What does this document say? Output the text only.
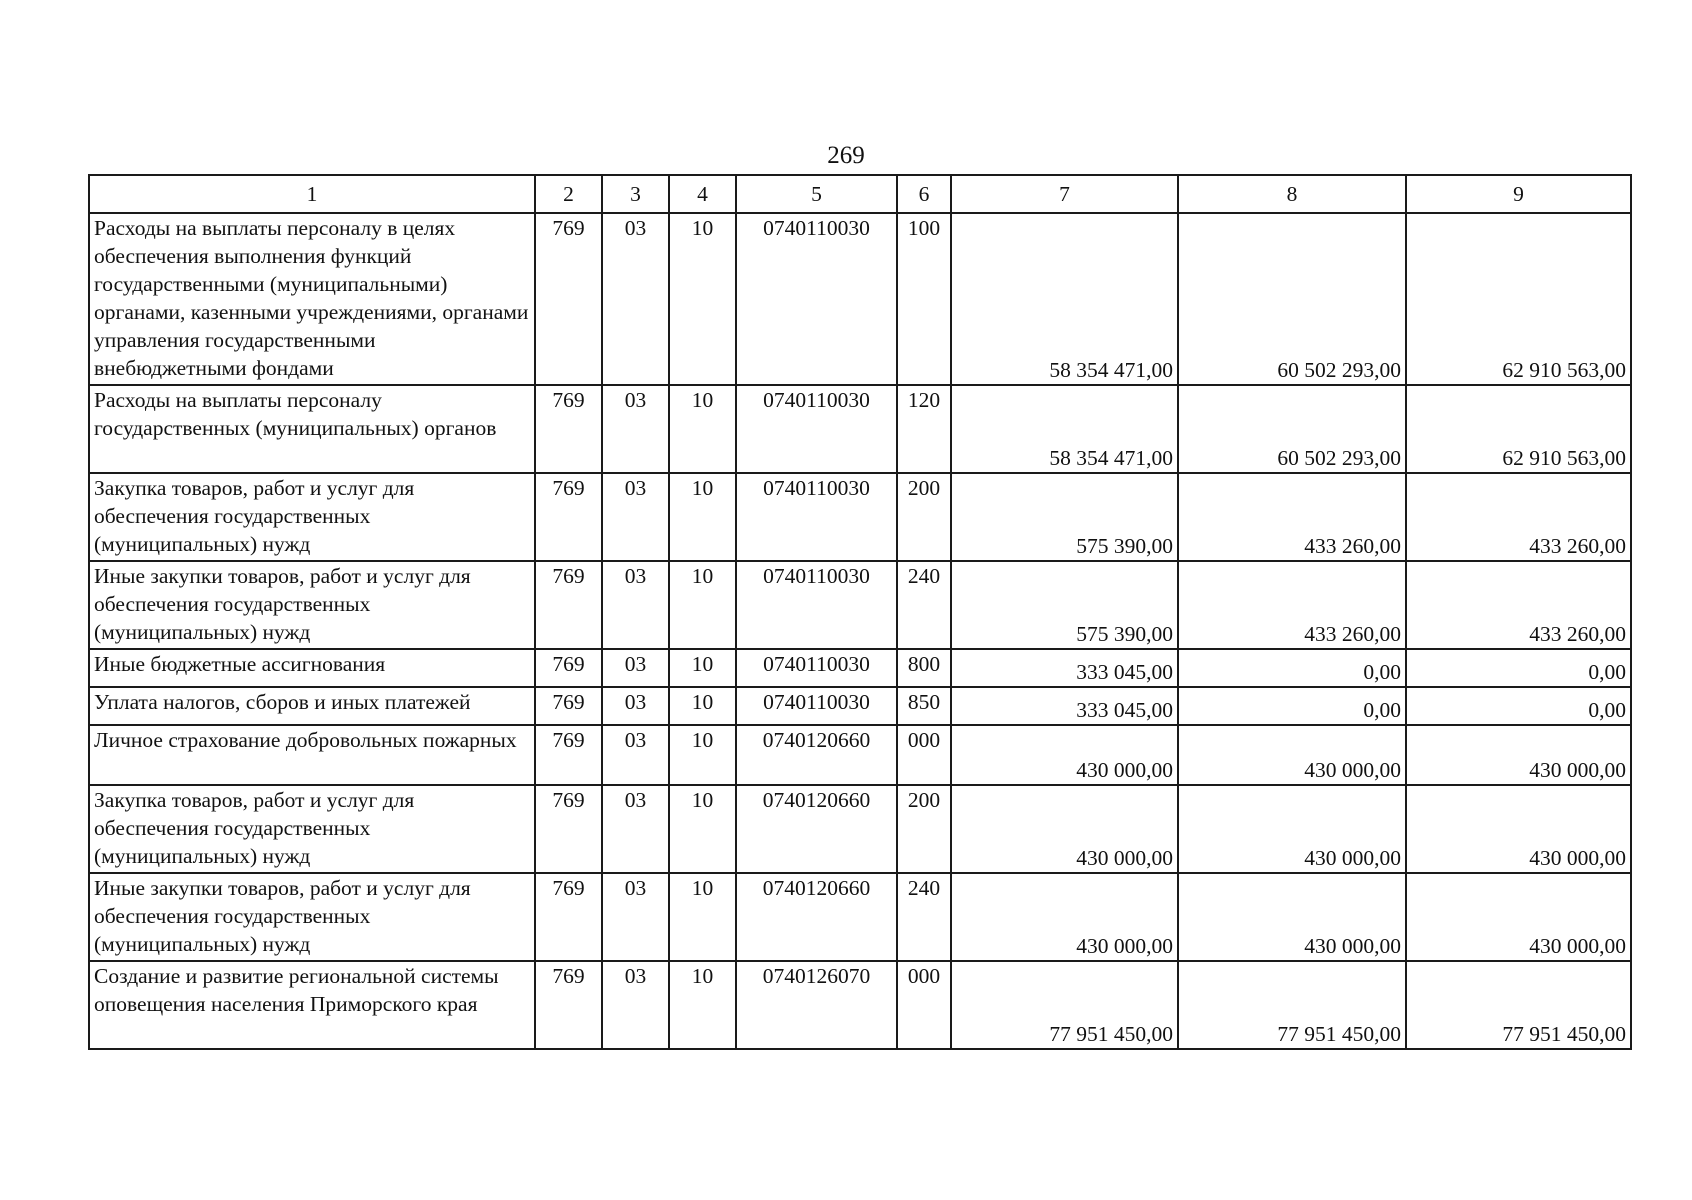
269
1	2	3	4	5	6	7	8	9
Расходы на выплаты персоналу в целях обеспечения выполнения функций государственными (муниципальными) органами, казенными учреждениями, органами управления государственными внебюджетными фондами	769	03	10	0740110030	100	58 354 471,00	60 502 293,00	62 910 563,00
Расходы на выплаты персоналу государственных (муниципальных) органов	769	03	10	0740110030	120	58 354 471,00	60 502 293,00	62 910 563,00
Закупка товаров, работ и услуг для обеспечения государственных (муниципальных) нужд	769	03	10	0740110030	200	575 390,00	433 260,00	433 260,00
Иные закупки товаров, работ и услуг для обеспечения государственных (муниципальных) нужд	769	03	10	0740110030	240	575 390,00	433 260,00	433 260,00
Иные бюджетные ассигнования	769	03	10	0740110030	800	333 045,00	0,00	0,00
Уплата налогов, сборов и иных платежей	769	03	10	0740110030	850	333 045,00	0,00	0,00
Личное страхование добровольных пожарных	769	03	10	0740120660	000	430 000,00	430 000,00	430 000,00
Закупка товаров, работ и услуг для обеспечения государственных (муниципальных) нужд	769	03	10	0740120660	200	430 000,00	430 000,00	430 000,00
Иные закупки товаров, работ и услуг для обеспечения государственных (муниципальных) нужд	769	03	10	0740120660	240	430 000,00	430 000,00	430 000,00
Создание и развитие региональной системы оповещения населения Приморского края	769	03	10	0740126070	000	77 951 450,00	77 951 450,00	77 951 450,00
